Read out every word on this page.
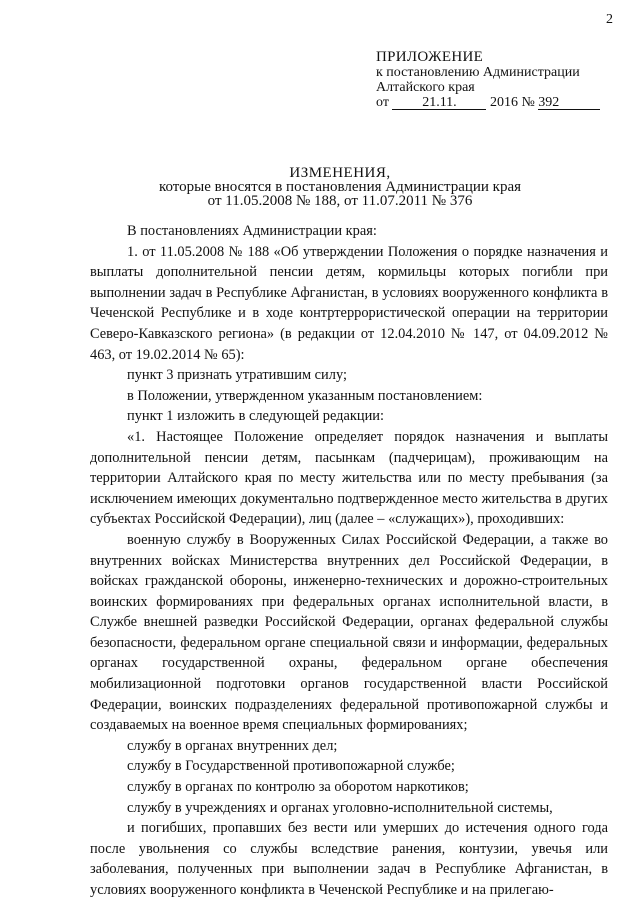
2
ПРИЛОЖЕНИЕ
к постановлению Администрации
Алтайского края
от 21.11. 2016 № 392
ИЗМЕНЕНИЯ,
которые вносятся в постановления Администрации края
от 11.05.2008 № 188, от 11.07.2011 № 376

В постановлениях Администрации края:

1. от 11.05.2008 № 188 «Об утверждении Положения о порядке назначения и выплаты дополнительной пенсии детям, кормильцы которых погибли при выполнении задач в Республике Афганистан, в условиях вооруженного конфликта в Чеченской Республике и в ходе контртеррористической операции на территории Северо-Кавказского региона» (в редакции от 12.04.2010 № 147, от 04.09.2012 № 463, от 19.02.2014 № 65):

пункт 3 признать утратившим силу;

в Положении, утвержденном указанным постановлением:

пункт 1 изложить в следующей редакции:

«1. Настоящее Положение определяет порядок назначения и выплаты дополнительной пенсии детям, пасынкам (падчерицам), проживающим на территории Алтайского края по месту жительства или по месту пребывания (за исключением имеющих документально подтвержденное место жительства в других субъектах Российской Федерации), лиц (далее – «служащих»), проходивших:

военную службу в Вооруженных Силах Российской Федерации, а также во внутренних войсках Министерства внутренних дел Российской Федерации, в войсках гражданской обороны, инженерно-технических и дорожно-строительных воинских формированиях при федеральных органах исполнительной власти, в Службе внешней разведки Российской Федерации, органах федеральной службы безопасности, федеральном органе специальной связи и информации, федеральных органах государственной охраны, федеральном органе обеспечения мобилизационной подготовки органов государственной власти Российской Федерации, воинских подразделениях федеральной противопожарной службы и создаваемых на военное время специальных формированиях;

службу в органах внутренних дел;

службу в Государственной противопожарной службе;

службу в органах по контролю за оборотом наркотиков;

службу в учреждениях и органах уголовно-исполнительной системы,

и погибших, пропавших без вести или умерших до истечения одного года после увольнения со службы вследствие ранения, контузии, увечья или заболевания, полученных при выполнении задач в Республике Афганистан, в условиях вооруженного конфликта в Чеченской Республике и на прилегаю-
